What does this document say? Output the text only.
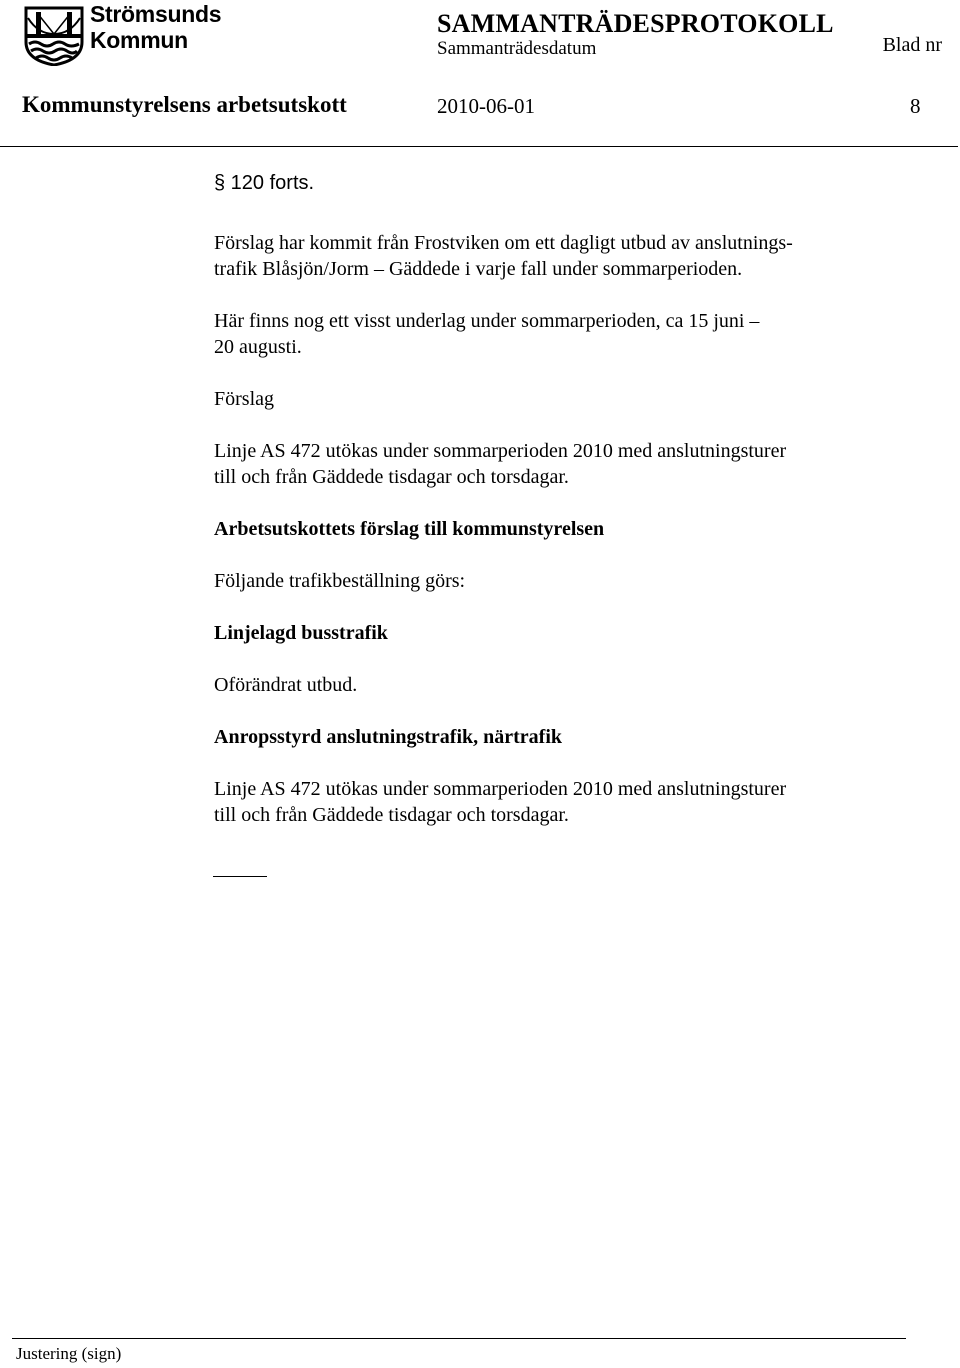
Strömsunds
Kommun
SAMMANTRÄDESPROTOKOLL
Sammanträdesdatum	Blad nr
Kommunstyrelsens arbetsutskott	2010-06-01	8
§ 120 forts.
Förslag har kommit från Frostviken om ett dagligt utbud av anslutnings-
trafik Blåsjön/Jorm – Gäddede i varje fall under sommarperioden.
Här finns nog ett visst underlag under sommarperioden, ca 15 juni –
20 augusti.
Förslag
Linje AS 472 utökas under sommarperioden 2010 med anslutningsturer
till och från Gäddede tisdagar och torsdagar.
Arbetsutskottets förslag till kommunstyrelsen
Följande trafikbeställning görs:
Linjelagd busstrafik
Oförändrat utbud.
Anropsstyrd anslutningstrafik, närtrafik
Linje AS 472 utökas under sommarperioden 2010 med anslutningsturer
till och från Gäddede tisdagar och torsdagar.
Justering (sign)
